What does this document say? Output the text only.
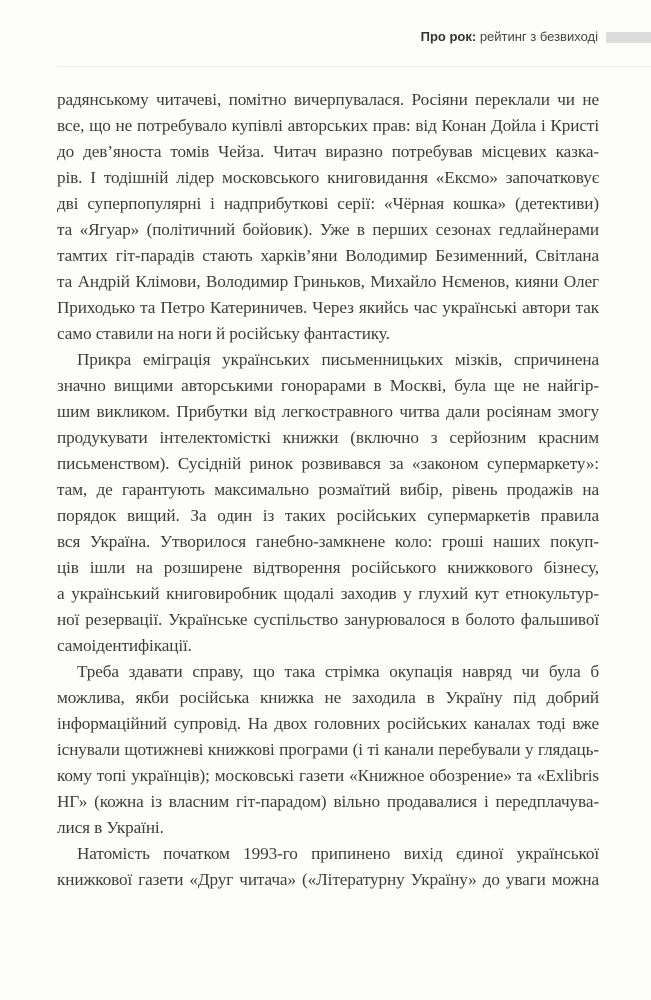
Про рок: рейтинг з безвиході
радянському читачеві, помітно вичерпувалася. Росіяни переклали чи не
все, що не потребувало купівлі авторських прав: від Конан Дойла і Кристі
до дев’яноста томів Чейза. Читач виразно потребував місцевих казка-
рів. І тодішній лідер московського книговидання «Ексмо» започатковує
дві суперпопулярні і надприбуткові серії: «Чёрная кошка» (детективи)
та «Ягуар» (політичний бойовик). Уже в перших сезонах гедлайнерами
тамтих гіт-парадів стають харків’яни Володимир Безименний, Світлана
та Андрій Клімови, Володимир Гриньков, Михайло Нєменов, кияни Олег
Приходько та Петро Катериничев. Через якийсь час українські автори так
само ставили на ноги й російську фантастику.
Прикра еміграція українських письменницьких мізків, спричинена
значно вищими авторськими гонорарами в Москві, була ще не найгір-
шим викликом. Прибутки від легкостравного читва дали росіянам змогу
продукувати інтелектомісткі книжки (включно з серйозним красним
письменством). Сусідній ринок розвивався за «законом супермаркету»:
там, де гарантують максимально розмаїтий вибір, рівень продажів на
порядок вищий. За один із таких російських супермаркетів правила
вся Україна. Утворилося ганебно-замкнене коло: гроші наших покуп-
ців ішли на розширене відтворення російського книжкового бізнесу,
а український книговиробник щодалі заходив у глухий кут етнокультур-
ної резервації. Українське суспільство занурювалося в болото фальшивої
самоідентифікації.
Треба здавати справу, що така стрімка окупація навряд чи була б
можлива, якби російська книжка не заходила в Україну під добрий
інформаційний супровід. На двох головних російських каналах тоді вже
існували щотижневі книжкові програми (і ті канали перебували у глядаць-
кому топі українців); московські газети «Книжное обозрение» та «Exlibris
НГ» (кожна із власним гіт-парадом) вільно продавалися і передплачува-
лися в Україні.
Натомість початком 1993-го припинено вихід єдиної української
книжкової газети «Друг читача» («Літературну Україну» до уваги можна
